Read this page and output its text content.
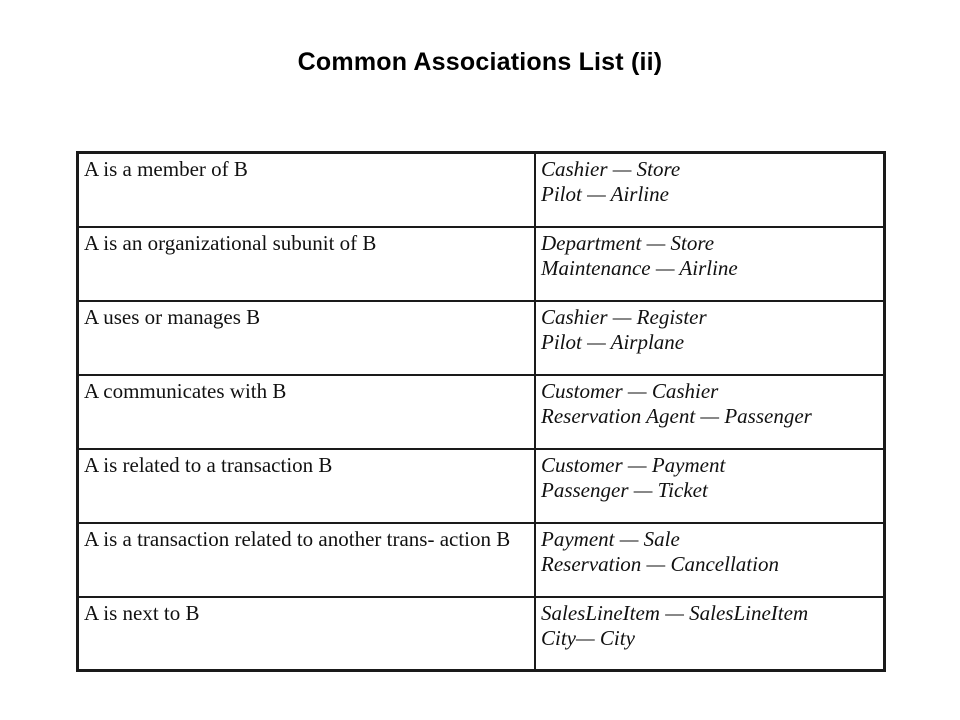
Common Associations List (ii)
A is a member of B	Cashier — Store
Pilot — Airline

A is an organizational subunit of B	Department — Store
Maintenance — Airline

A uses or manages B	Cashier — Register
Pilot — Airplane

A communicates with B	Customer — Cashier
Reservation Agent — Passenger

A is related to a transaction B	Customer — Payment
Passenger — Ticket

A is a transaction related to another trans- action B	Payment — Sale
Reservation — Cancellation

A is next to B	SalesLineItem — SalesLineItem
City— City
